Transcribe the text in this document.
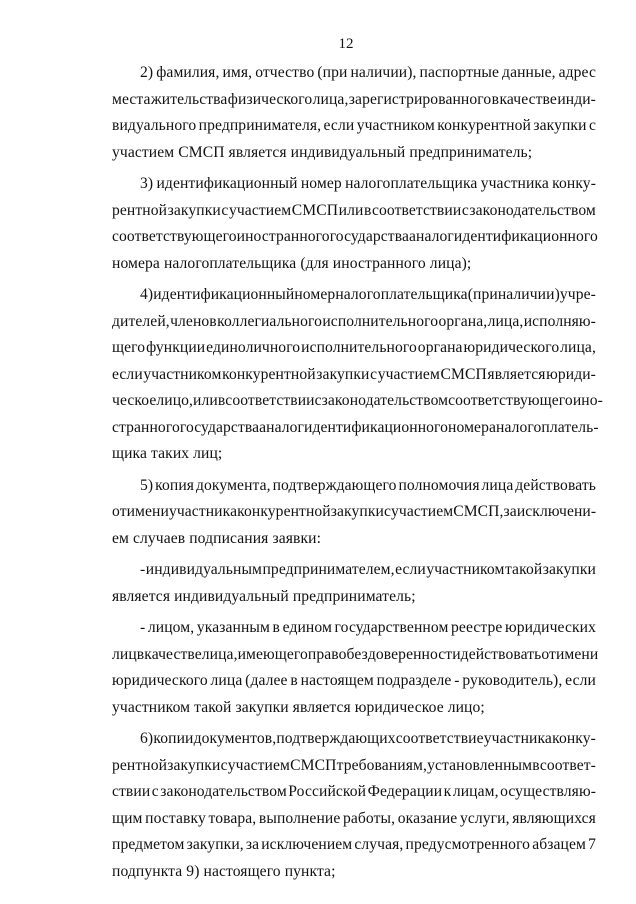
12
2) фамилия, имя, отчество (при наличии), паспортные данные, адрес
места жительства физического лица, зарегистрированного в качестве инди-
видуального предпринимателя, если участником конкурентной закупки с
участием СМСП является индивидуальный предприниматель;
3) идентификационный номер налогоплательщика участника конку-
рентной закупки с участием СМСП или в соответствии с законодательством
соответствующего иностранного государства аналог идентификационного
номера налогоплательщика (для иностранного лица);
4) идентификационный номер налогоплательщика (при наличии) учре-
дителей, членов коллегиального исполнительного органа, лица, исполняю-
щего функции единоличного исполнительного органа юридического лица,
если участником конкурентной закупки с участием СМСП является юриди-
ческое лицо, или в соответствии с законодательством соответствующего ино-
странного государства аналог идентификационного номера налогоплатель-
щика таких лиц;
5) копия документа, подтверждающего полномочия лица действовать
от имени участника конкурентной закупки с участием СМСП, за исключени-
ем случаев подписания заявки:
- индивидуальным предпринимателем, если участником такой закупки
является индивидуальный предприниматель;
- лицом, указанным в едином государственном реестре юридических
лиц в качестве лица, имеющего право без доверенности действовать от имени
юридического лица (далее в настоящем подразделе - руководитель), если
участником такой закупки является юридическое лицо;
6) копии документов, подтверждающих соответствие участника конку-
рентной закупки с участием СМСП требованиям, установленным в соответ-
ствии с законодательством Российской Федерации к лицам, осуществляю-
щим поставку товара, выполнение работы, оказание услуги, являющихся
предметом закупки, за исключением случая, предусмотренного абзацем 7
подпункта 9) настоящего пункта;
